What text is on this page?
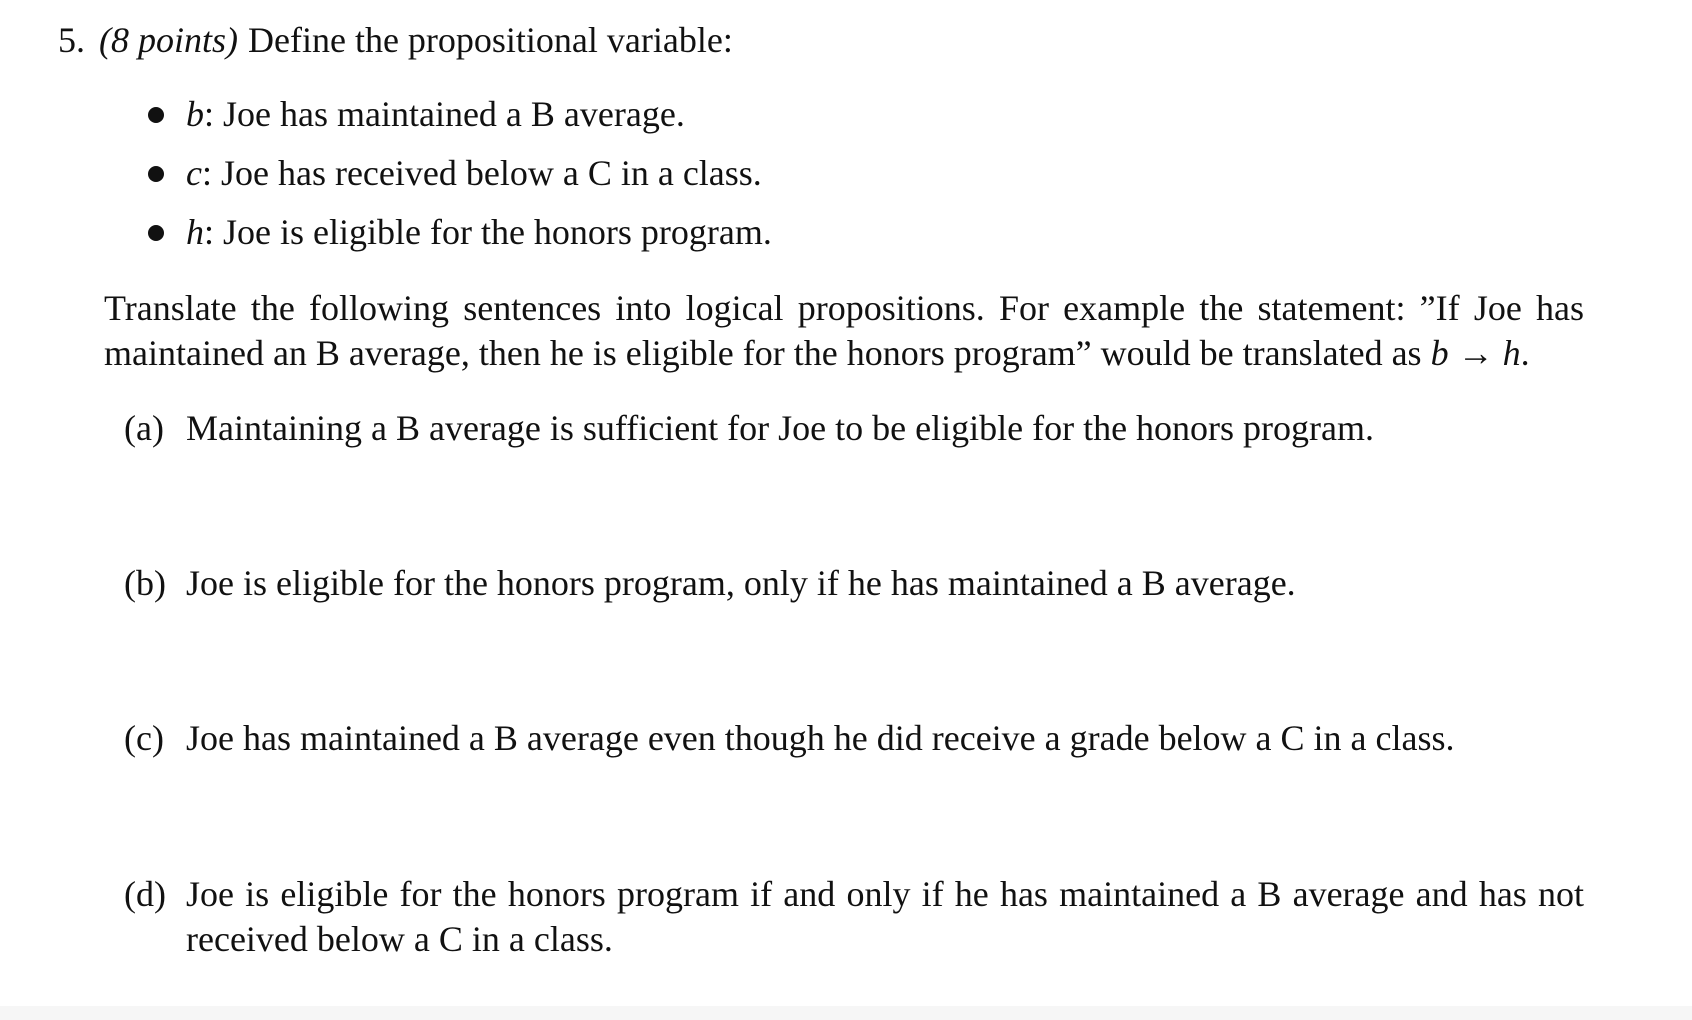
5. (8 points) Define the propositional variable:
b: Joe has maintained a B average.
c: Joe has received below a C in a class.
h: Joe is eligible for the honors program.
Translate the following sentences into logical propositions. For example the statement: ”If Joe has maintained an B average, then he is eligible for the honors program” would be translated as b → h.
(a) Maintaining a B average is sufficient for Joe to be eligible for the honors program.
(b) Joe is eligible for the honors program, only if he has maintained a B average.
(c) Joe has maintained a B average even though he did receive a grade below a C in a class.
(d) Joe is eligible for the honors program if and only if he has maintained a B average and has not received below a C in a class.
